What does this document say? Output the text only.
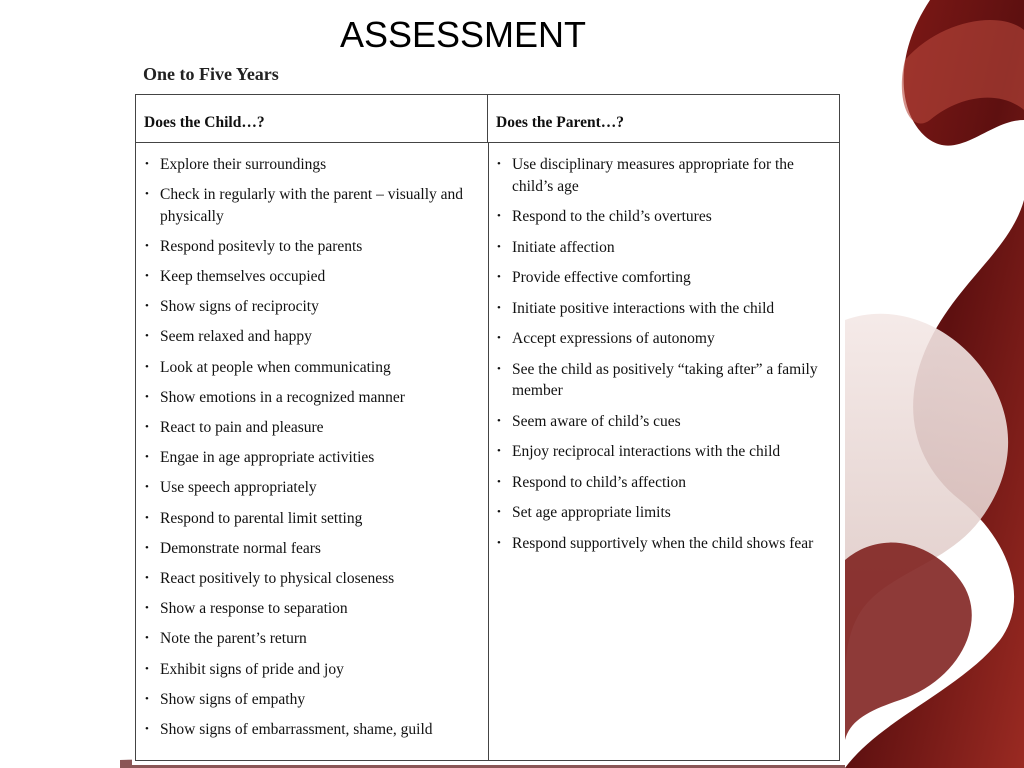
ASSESSMENT
One to Five Years
Does the Child…?	Does the Parent…?
• Explore their surroundings
• Check in regularly with the parent – visually and physically
• Respond positevly to the parents
• Keep themselves occupied
• Show signs of reciprocity
• Seem relaxed and happy
• Look at people when communicating
• Show emotions in a recognized manner
• React to pain and pleasure
• Engae in age appropriate activities
• Use speech appropriately
• Respond to parental limit setting
• Demonstrate normal fears
• React positively to physical closeness
• Show a response to separation
• Note the parent’s return
• Exhibit signs of pride and joy
• Show signs of empathy
• Show signs of embarrassment, shame, guild
• Use disciplinary measures appropriate for the child’s age
• Respond to the child’s overtures
• Initiate affection
• Provide effective comforting
• Initiate positive interactions with the child
• Accept expressions of autonomy
• See the child as positively “taking after” a family member
• Seem aware of child’s cues
• Enjoy reciprocal interactions with the child
• Respond to child’s affection
• Set age appropriate limits
• Respond supportively when the child shows fear
